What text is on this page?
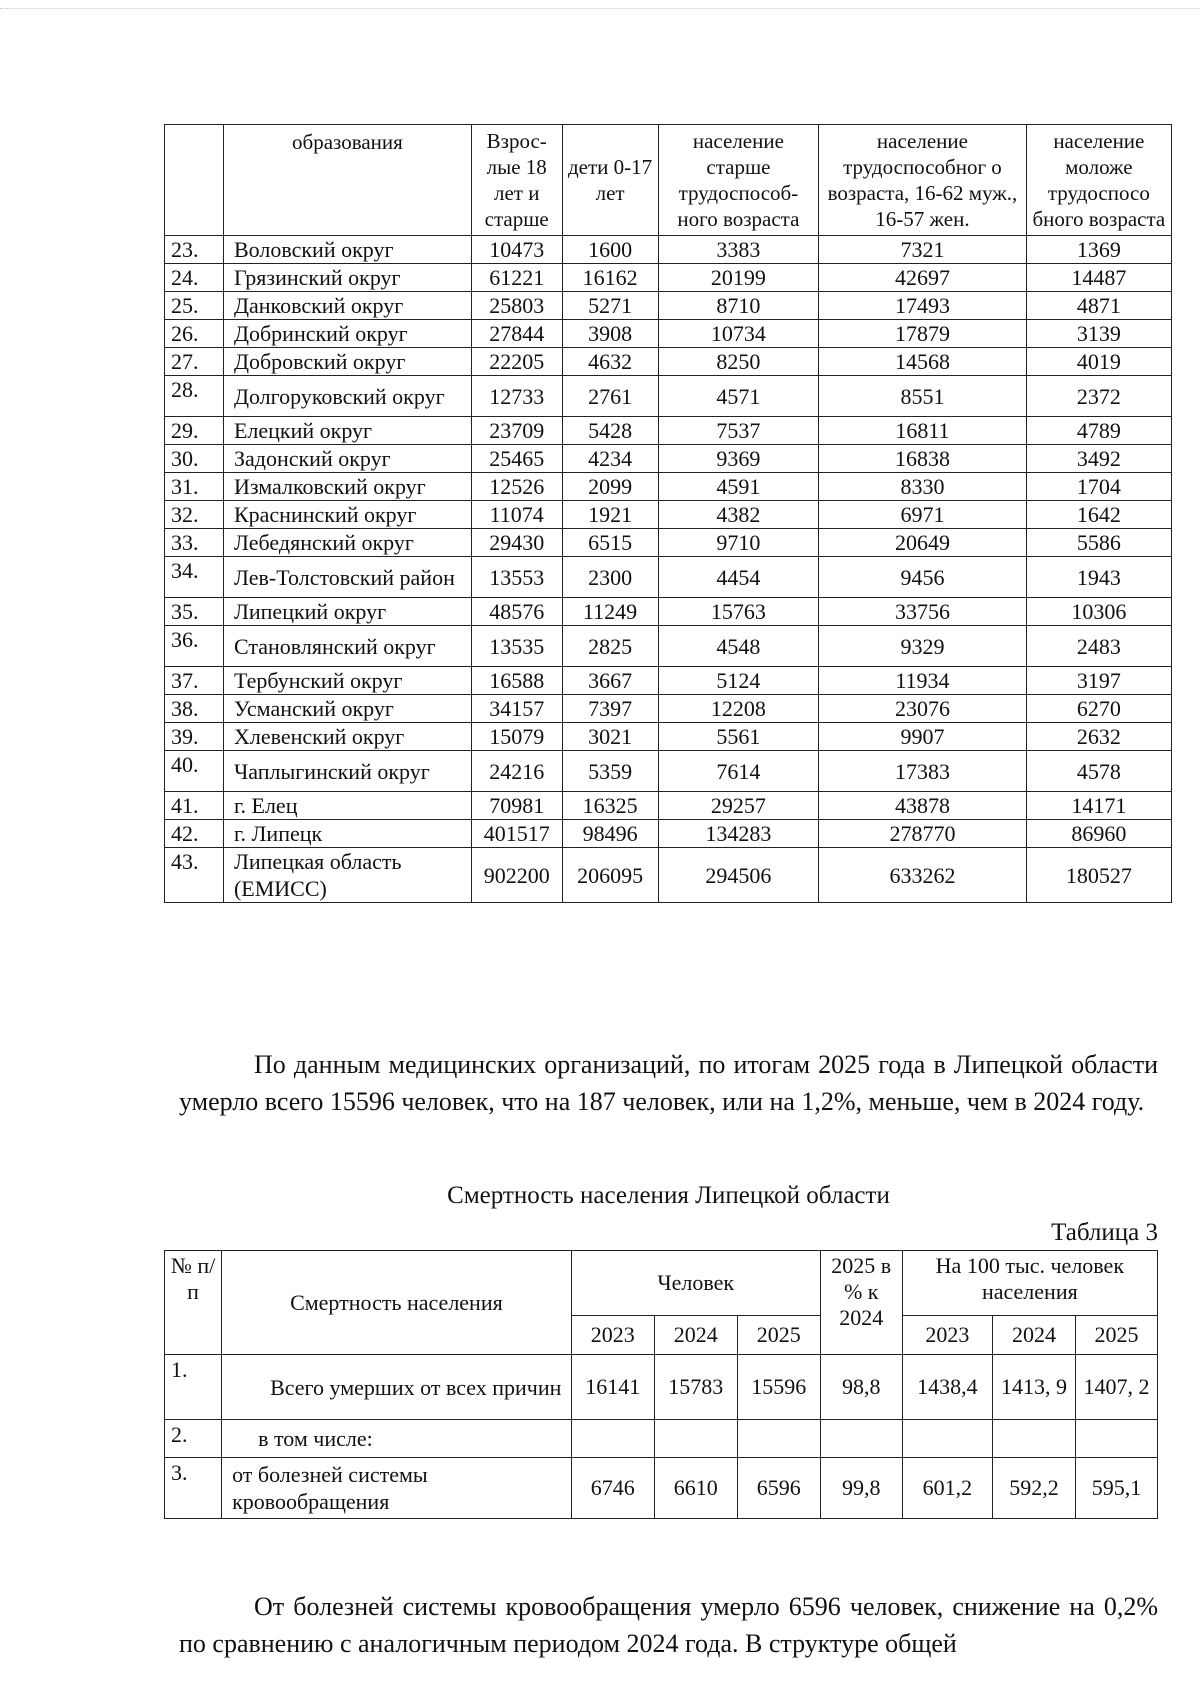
	образования	Взрос-лые 18 лет и старше	дети 0-17 лет	население старше трудоспособ-ного возраста	население трудоспособног о возраста, 16-62 муж., 16-57 жен.	население моложе трудоспосо бного возраста
23.	Воловский округ	10473	1600	3383	7321	1369
24.	Грязинский округ	61221	16162	20199	42697	14487
25.	Данковский округ	25803	5271	8710	17493	4871
26.	Добринский округ	27844	3908	10734	17879	3139
27.	Добровский округ	22205	4632	8250	14568	4019
28.	Долгоруковский округ	12733	2761	4571	8551	2372
29.	Елецкий округ	23709	5428	7537	16811	4789
30.	Задонский округ	25465	4234	9369	16838	3492
31.	Измалковский округ	12526	2099	4591	8330	1704
32.	Краснинский округ	11074	1921	4382	6971	1642
33.	Лебедянский округ	29430	6515	9710	20649	5586
34.	Лев-Толстовский район	13553	2300	4454	9456	1943
35.	Липецкий округ	48576	11249	15763	33756	10306
36.	Становлянский округ	13535	2825	4548	9329	2483
37.	Тербунский округ	16588	3667	5124	11934	3197
38.	Усманский округ	34157	7397	12208	23076	6270
39.	Хлевенский округ	15079	3021	5561	9907	2632
40.	Чаплыгинский округ	24216	5359	7614	17383	4578
41.	г. Елец	70981	16325	29257	43878	14171
42.	г. Липецк	401517	98496	134283	278770	86960
43.	Липецкая область (ЕМИСС)	902200	206095	294506	633262	180527

По данным медицинских организаций, по итогам 2025 года в Липецкой области умерло всего 15596 человек, что на 187 человек, или на 1,2%, меньше, чем в 2024 году.

Смертность населения Липецкой области
Таблица 3
№ п/п	Смертность населения	Человек			2025 в % к 2024	На 100 тыс. человек населения		
		2023	2024	2025		2023	2024	2025
1.	Всего умерших от всех причин	16141	15783	15596	98,8	1438,4	1413, 9	1407, 2
2.	в том числе:							
3.	от болезней системы кровообращения	6746	6610	6596	99,8	601,2	592,2	595,1

От болезней системы кровообращения умерло 6596 человек, снижение на 0,2% по сравнению с аналогичным периодом 2024 года. В структуре общей
